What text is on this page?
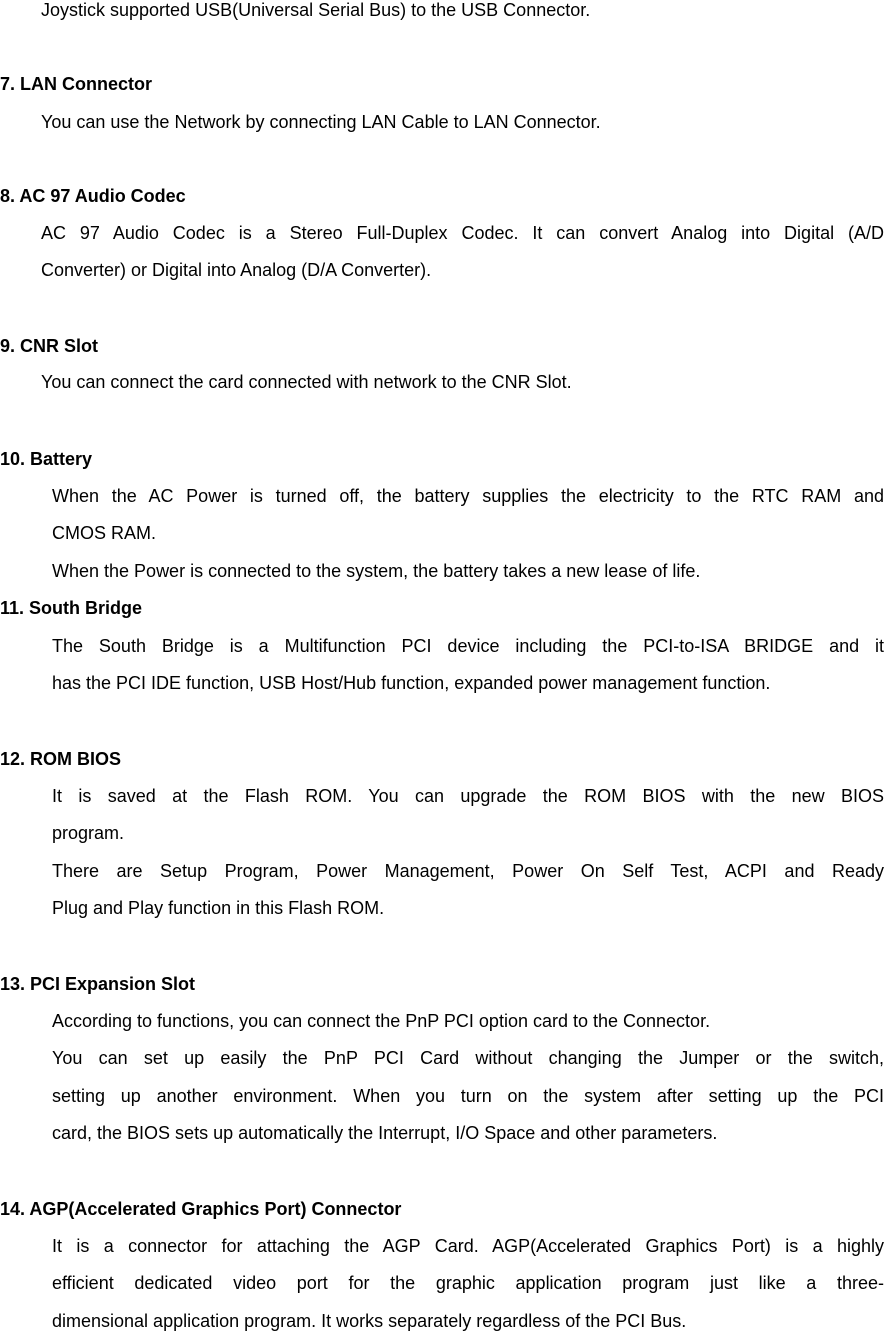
Joystick supported USB(Universal Serial Bus) to the USB Connector.
7. LAN Connector
You can use the Network by connecting LAN Cable to LAN Connector.
8. AC 97 Audio Codec
AC 97 Audio Codec is a Stereo Full-Duplex Codec. It can convert Analog into Digital (A/D
Converter) or Digital into Analog (D/A Converter).
9. CNR Slot
You can connect the card connected with network to the CNR Slot.
10. Battery
When the AC Power is turned off, the battery supplies the electricity to the RTC RAM and
CMOS RAM.
When the Power is connected to the system, the battery takes a new lease of life.
11. South Bridge
The South Bridge is a Multifunction PCI device including the PCI-to-ISA BRIDGE and it
has the PCI IDE function, USB Host/Hub function, expanded power management function.
12. ROM BIOS
It is saved at the Flash ROM. You can upgrade the ROM BIOS with the new BIOS
program.
There are Setup Program, Power Management, Power On Self Test, ACPI and Ready
Plug and Play function in this Flash ROM.
13. PCI Expansion Slot
According to functions, you can connect the PnP PCI option card to the Connector.
You can set up easily the PnP PCI Card without changing the Jumper or the switch,
setting up another environment. When you turn on the system after setting up the PCI
card, the BIOS sets up automatically the Interrupt, I/O Space and other parameters.
14. AGP(Accelerated Graphics Port) Connector
It is a connector for attaching the AGP Card. AGP(Accelerated Graphics Port) is a highly
efficient dedicated video port for the graphic application program just like a three-
dimensional application program. It works separately regardless of the PCI Bus.
